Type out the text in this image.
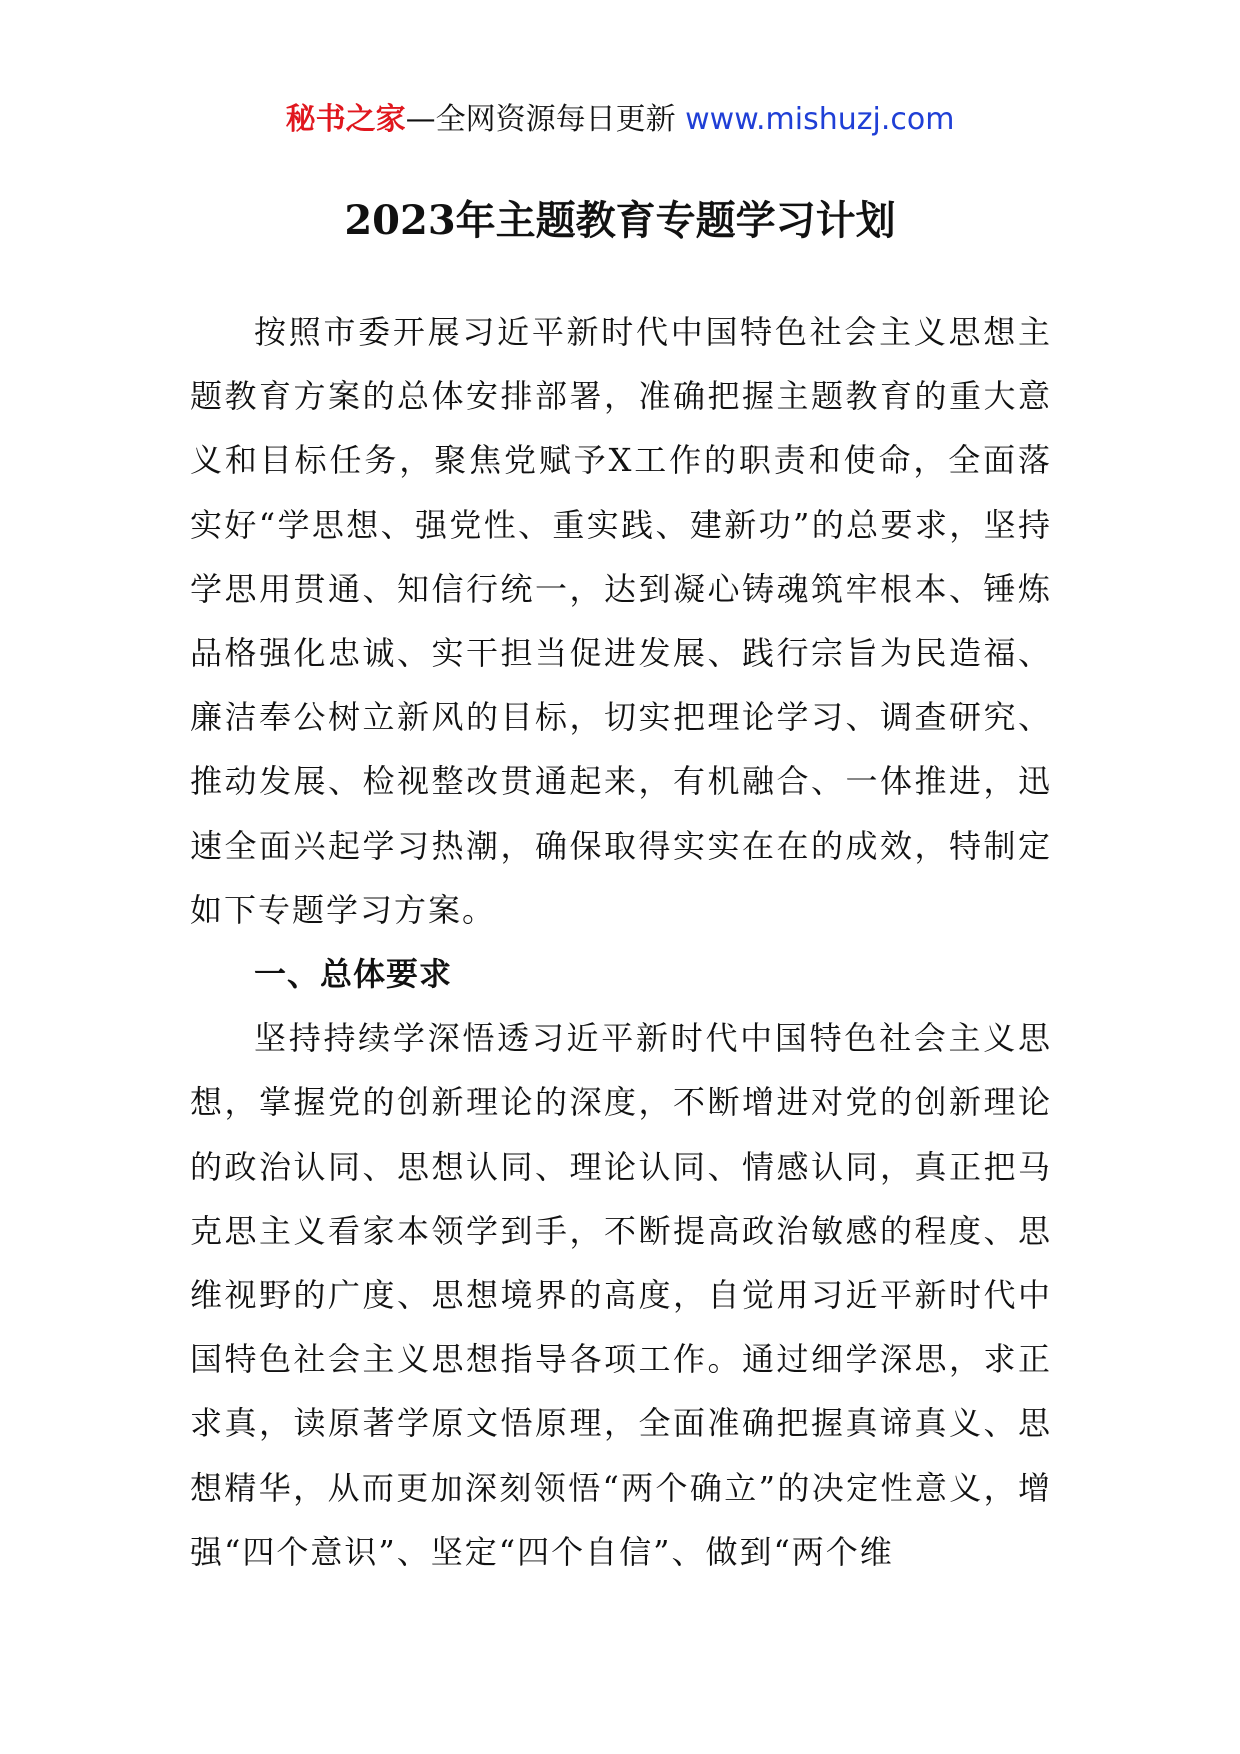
秘书之家—全网资源每日更新 www.mishuzj.com
2023年主题教育专题学习计划

按照市委开展习近平新时代中国特色社会主义思想主题教育方案的总体安排部署，准确把握主题教育的重大意义和目标任务，聚焦党赋予X工作的职责和使命，全面落实好“学思想、强党性、重实践、建新功”的总要求，坚持学思用贯通、知信行统一，达到凝心铸魂筑牢根本、锤炼品格强化忠诚、实干担当促进发展、践行宗旨为民造福、廉洁奉公树立新风的目标，切实把理论学习、调查研究、推动发展、检视整改贯通起来，有机融合、一体推进，迅速全面兴起学习热潮，确保取得实实在在的成效，特制定如下专题学习方案。

一、总体要求

坚持持续学深悟透习近平新时代中国特色社会主义思想，掌握党的创新理论的深度，不断增进对党的创新理论的政治认同、思想认同、理论认同、情感认同，真正把马克思主义看家本领学到手，不断提高政治敏感的程度、思维视野的广度、思想境界的高度，自觉用习近平新时代中国特色社会主义思想指导各项工作。通过细学深思，求正求真，读原著学原文悟原理，全面准确把握真谛真义、思想精华，从而更加深刻领悟“两个确立”的决定性意义，增强“四个意识”、坚定“四个自信”、做到“两个维
